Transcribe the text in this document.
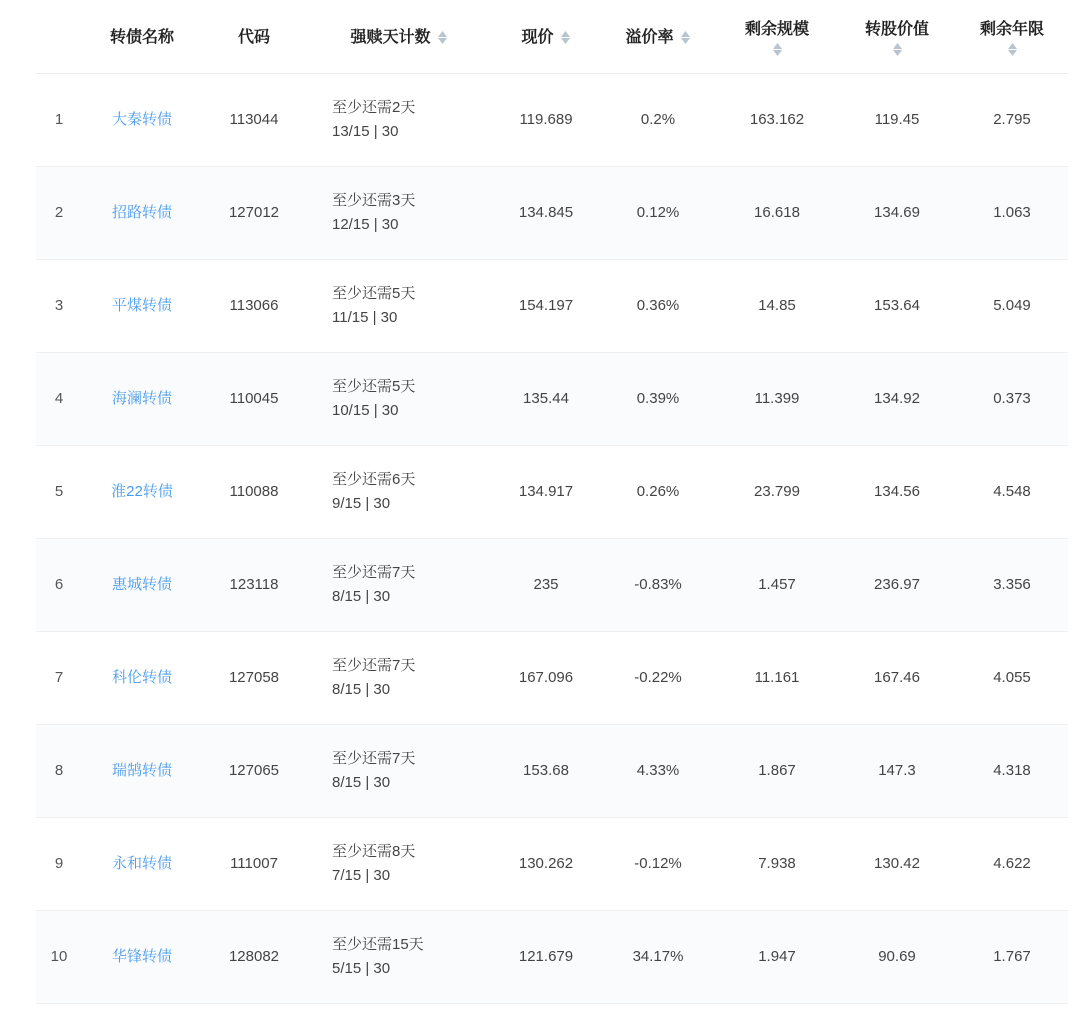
	转债名称	代码	强赎天计数	现价	溢价率	剩余规模	转股价值	剩余年限

1	大秦转债	113044	至少还需2天
13/15 | 30	119.689	0.2%	163.162	119.45	2.795
2	招路转债	127012	至少还需3天
12/15 | 30	134.845	0.12%	16.618	134.69	1.063
3	平煤转债	113066	至少还需5天
11/15 | 30	154.197	0.36%	14.85	153.64	5.049
4	海澜转债	110045	至少还需5天
10/15 | 30	135.44	0.39%	11.399	134.92	0.373
5	淮22转债	110088	至少还需6天
9/15 | 30	134.917	0.26%	23.799	134.56	4.548
6	惠城转债	123118	至少还需7天
8/15 | 30	235	-0.83%	1.457	236.97	3.356
7	科伦转债	127058	至少还需7天
8/15 | 30	167.096	-0.22%	11.161	167.46	4.055
8	瑞鹄转债	127065	至少还需7天
8/15 | 30	153.68	4.33%	1.867	147.3	4.318
9	永和转债	111007	至少还需8天
7/15 | 30	130.262	-0.12%	7.938	130.42	4.622
10	华锋转债	128082	至少还需15天
5/15 | 30	121.679	34.17%	1.947	90.69	1.767
